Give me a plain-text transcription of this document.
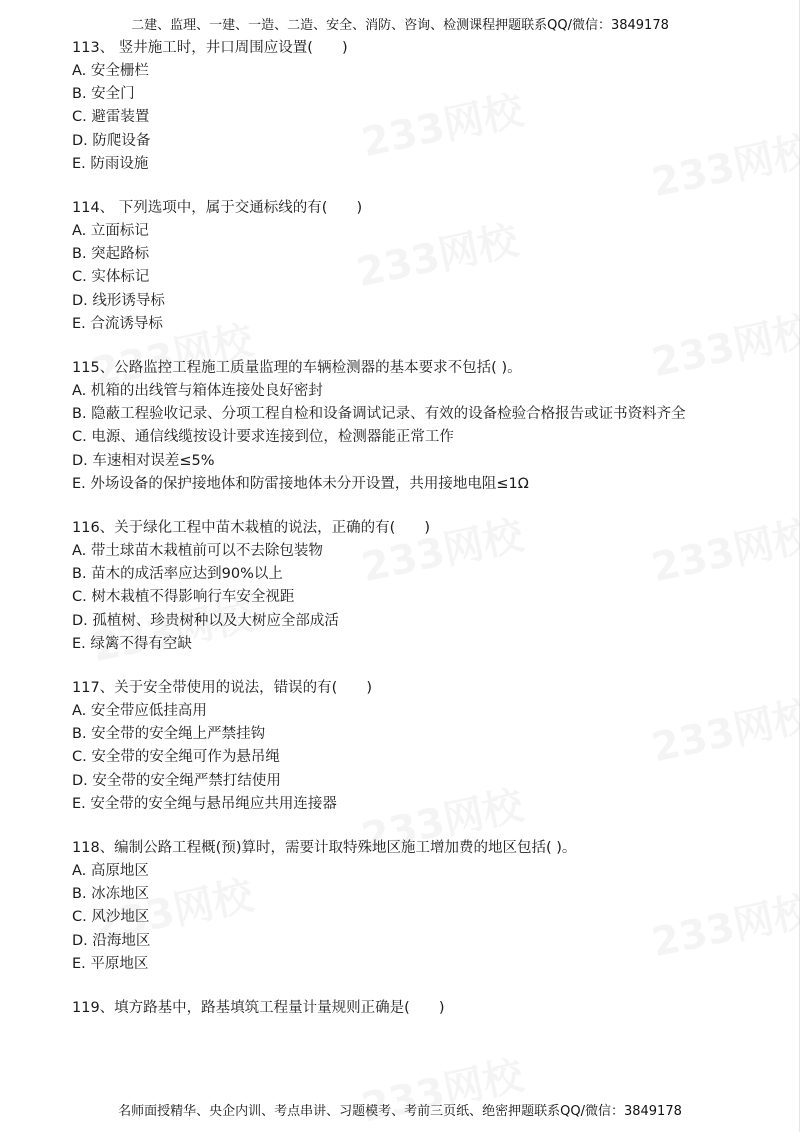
二建、监理、一建、一造、二造、安全、消防、咨询、检测课程押题联系QQ/微信：3849178
113、 竖井施工时，井口周围应设置(　　)
A. 安全栅栏
B. 安全门
C. 避雷装置
D. 防爬设备
E. 防雨设施
114、 下列选项中，属于交通标线的有(　　)
A. 立面标记
B. 突起路标
C. 实体标记
D. 线形诱导标
E. 合流诱导标
115、公路监控工程施工质量监理的车辆检测器的基本要求不包括( )。
A. 机箱的出线管与箱体连接处良好密封
B. 隐蔽工程验收记录、分项工程自检和设备调试记录、有效的设备检验合格报告或证书资料齐全
C. 电源、通信线缆按设计要求连接到位，检测器能正常工作
D. 车速相对误差≤5%
E. 外场设备的保护接地体和防雷接地体未分开设置，共用接地电阻≤1Ω
116、关于绿化工程中苗木栽植的说法，正确的有(　　)
A. 带土球苗木栽植前可以不去除包装物
B. 苗木的成活率应达到90%以上
C. 树木栽植不得影响行车安全视距
D. 孤植树、珍贵树种以及大树应全部成活
E. 绿篱不得有空缺
117、关于安全带使用的说法，错误的有(　　)
A. 安全带应低挂高用
B. 安全带的安全绳上严禁挂钩
C. 安全带的安全绳可作为悬吊绳
D. 安全带的安全绳严禁打结使用
E. 安全带的安全绳与悬吊绳应共用连接器
118、编制公路工程概(预)算时，需要计取特殊地区施工增加费的地区包括( )。
A. 高原地区
B. 冰冻地区
C. 风沙地区
D. 沿海地区
E. 平原地区
119、填方路基中，路基填筑工程量计量规则正确是(　　)
名师面授精华、央企内训、考点串讲、习题模考、考前三页纸、绝密押题联系QQ/微信：3849178
